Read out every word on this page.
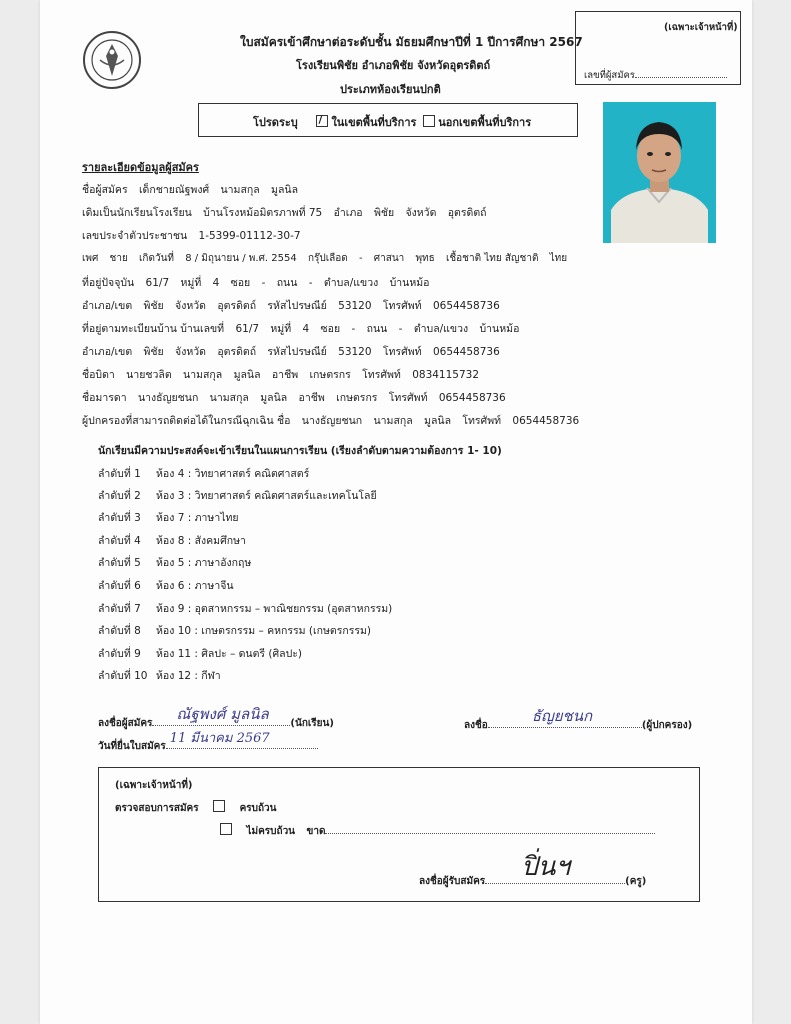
ใบสมัครเข้าศึกษาต่อระดับชั้น มัธยมศึกษาปีที่ 1 ปีการศึกษา 2567
โรงเรียนพิชัย อำเภอพิชัย จังหวัดอุตรดิตถ์
ประเภทห้องเรียนปกติ
(เฉพาะเจ้าหน้าที่)
เลขที่ผู้สมัคร
โปรดระบุ / ในเขตพื้นที่บริการ นอกเขตพื้นที่บริการ
รายละเอียดข้อมูลผู้สมัคร
ชื่อผู้สมัคร เด็กชายณัฐพงศ์ นามสกุล มูลนิล
เดิมเป็นนักเรียนโรงเรียน บ้านโรงหม้อมิตรภาพที่ 75 อำเภอ พิชัย จังหวัด อุตรดิตถ์
เลขประจำตัวประชาชน 1-5399-01112-30-7
เพศ ชาย เกิดวันที่ 8 / มิถุนายน / พ.ศ. 2554 กรุ๊ปเลือด - ศาสนา พุทธ เชื้อชาติ ไทย สัญชาติ ไทย
ที่อยู่ปัจจุบัน 61/7 หมู่ที่ 4 ซอย - ถนน - ตำบล/แขวง บ้านหม้อ
อำเภอ/เขต พิชัย จังหวัด อุตรดิตถ์ รหัสไปรษณีย์ 53120 โทรศัพท์ 0654458736
ที่อยู่ตามทะเบียนบ้าน บ้านเลขที่ 61/7 หมู่ที่ 4 ซอย - ถนน - ตำบล/แขวง บ้านหม้อ
อำเภอ/เขต พิชัย จังหวัด อุตรดิตถ์ รหัสไปรษณีย์ 53120 โทรศัพท์ 0654458736
ชื่อบิดา นายชวลิต นามสกุล มูลนิล อาชีพ เกษตรกร โทรศัพท์ 0834115732
ชื่อมารดา นางธัญยชนก นามสกุล มูลนิล อาชีพ เกษตรกร โทรศัพท์ 0654458736
ผู้ปกครองที่สามารถติดต่อได้ในกรณีฉุกเฉิน ชื่อ นางธัญยชนก นามสกุล มูลนิล โทรศัพท์ 0654458736
นักเรียนมีความประสงค์จะเข้าเรียนในแผนการเรียน (เรียงลำดับตามความต้องการ 1- 10)
ลำดับที่ 1 ห้อง 4 : วิทยาศาสตร์ คณิตศาสตร์
ลำดับที่ 2 ห้อง 3 : วิทยาศาสตร์ คณิตศาสตร์และเทคโนโลยี
ลำดับที่ 3 ห้อง 7 : ภาษาไทย
ลำดับที่ 4 ห้อง 8 : สังคมศึกษา
ลำดับที่ 5 ห้อง 5 : ภาษาอังกฤษ
ลำดับที่ 6 ห้อง 6 : ภาษาจีน
ลำดับที่ 7 ห้อง 9 : อุตสาหกรรม – พาณิชยกรรม (อุตสาหกรรม)
ลำดับที่ 8 ห้อง 10 : เกษตรกรรม – คหกรรม (เกษตรกรรม)
ลำดับที่ 9 ห้อง 11 : ศิลปะ – ดนตรี (ศิลปะ)
ลำดับที่ 10 ห้อง 12 : กีฬา
ลงชื่อผู้สมัคร
ณัฐพงศ์ มูลนิล
(นักเรียน)	ลงชื่อ
ธัญยชนก
(ผู้ปกครอง)
วันที่ยื่นใบสมัคร
11 มีนาคม 2567
(เฉพาะเจ้าหน้าที่)
ตรวจสอบการสมัคร	ครบถ้วน
ไม่ครบถ้วน ขาด
ลงชื่อผู้รับสมัคร ปิ่นฯ	(ครู)
